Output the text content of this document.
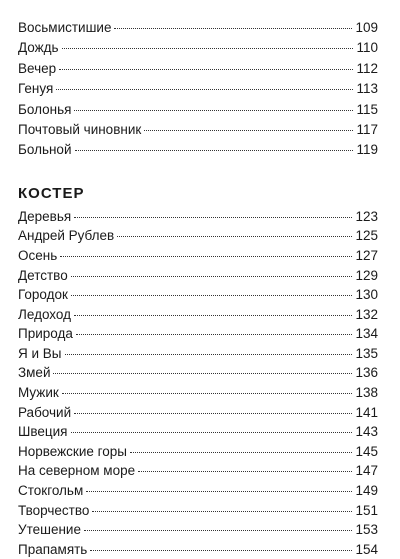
Восьмистишие	109
Дождь	110
Вечер	112
Генуя	113
Болонья	115
Почтовый чиновник	117
Больной	119
КОСТЕР
Деревья	123
Андрей Рублев	125
Осень	127
Детство	129
Городок	130
Ледоход	132
Природа	134
Я и Вы	135
Змей	136
Мужик	138
Рабочий	141
Швеция	143
Норвежские горы	145
На северном море	147
Стокгольм	149
Творчество	151
Утешение	153
Прапамять	154
